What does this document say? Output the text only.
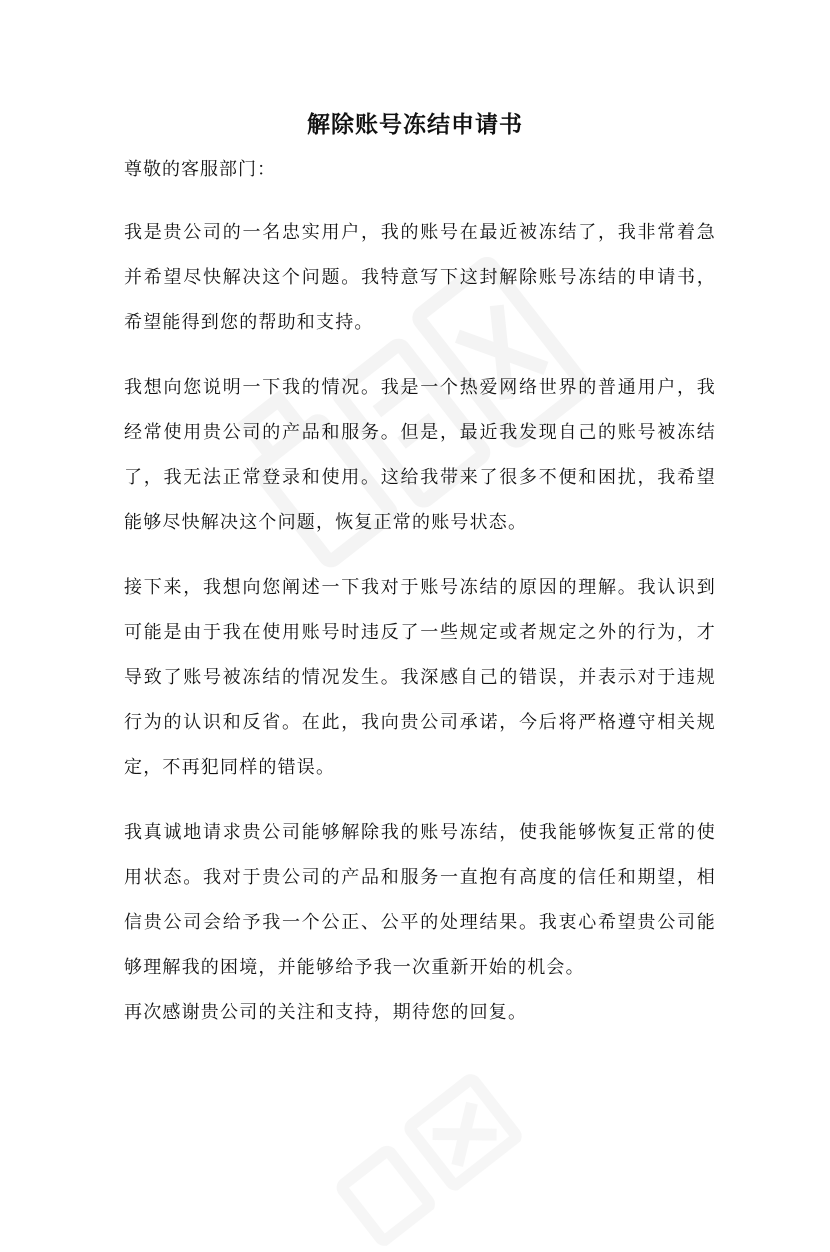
解除账号冻结申请书
尊敬的客服部门：
我是贵公司的一名忠实用户，我的账号在最近被冻结了，我非常着急并希望尽快解决这个问题。我特意写下这封解除账号冻结的申请书，希望能得到您的帮助和支持。
我想向您说明一下我的情况。我是一个热爱网络世界的普通用户，我经常使用贵公司的产品和服务。但是，最近我发现自己的账号被冻结了，我无法正常登录和使用。这给我带来了很多不便和困扰，我希望能够尽快解决这个问题，恢复正常的账号状态。
接下来，我想向您阐述一下我对于账号冻结的原因的理解。我认识到可能是由于我在使用账号时违反了一些规定或者规定之外的行为，才导致了账号被冻结的情况发生。我深感自己的错误，并表示对于违规行为的认识和反省。在此，我向贵公司承诺，今后将严格遵守相关规定，不再犯同样的错误。
我真诚地请求贵公司能够解除我的账号冻结，使我能够恢复正常的使用状态。我对于贵公司的产品和服务一直抱有高度的信任和期望，相信贵公司会给予我一个公正、公平的处理结果。我衷心希望贵公司能够理解我的困境，并能够给予我一次重新开始的机会。
再次感谢贵公司的关注和支持，期待您的回复。
